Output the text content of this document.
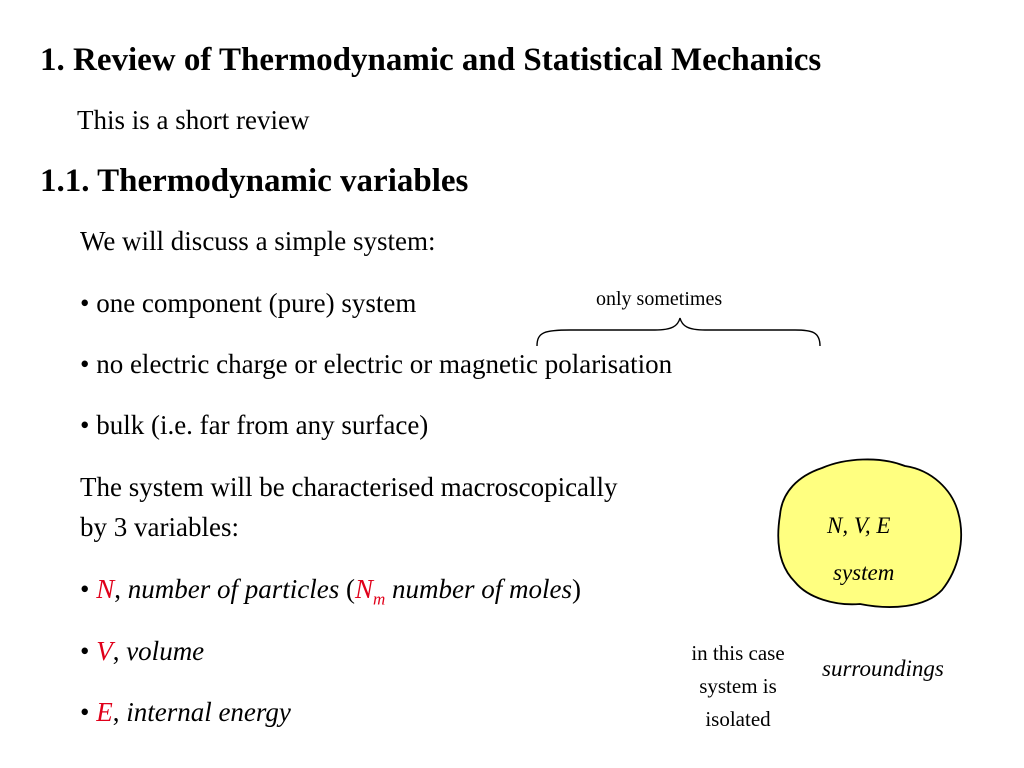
N, V, E
system
surroundings
1. Review of Thermodynamic and Statistical Mechanics
This is a short review
1.1. Thermodynamic variables
We will discuss a simple system:
• one component (pure) system
• no electric charge or electric or magnetic polarisation
• bulk (i.e. far from any surface)
only sometimes
The system will be characterised macroscopically
by 3 variables:
• N, number of particles ($N_m$ number of moles)
• V, volume
• E, internal energy
in this case
system is
isolated
